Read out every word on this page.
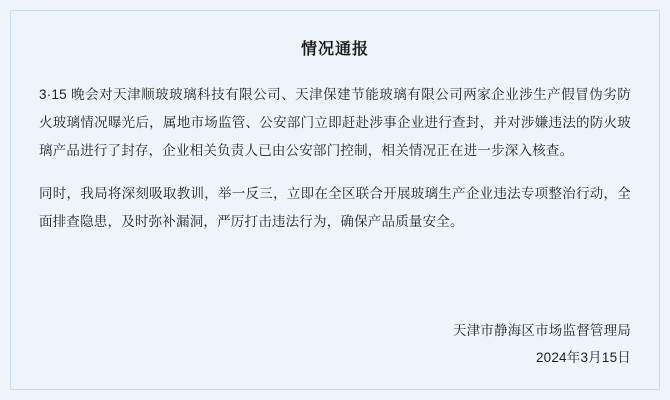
情况通报

3·15 晚会对天津顺玻玻璃科技有限公司、天津保建节能玻璃有限公司两家企业涉生产假冒伪劣防火玻璃情况曝光后，属地市场监管、公安部门立即赶赴涉事企业进行查封，并对涉嫌违法的防火玻璃产品进行了封存，企业相关负责人已由公安部门控制，相关情况正在进一步深入核查。

同时，我局将深刻吸取教训，举一反三，立即在全区联合开展玻璃生产企业违法专项整治行动，全面排查隐患，及时弥补漏洞，严厉打击违法行为，确保产品质量安全。

天津市静海区市场监督管理局
2024年3月15日
